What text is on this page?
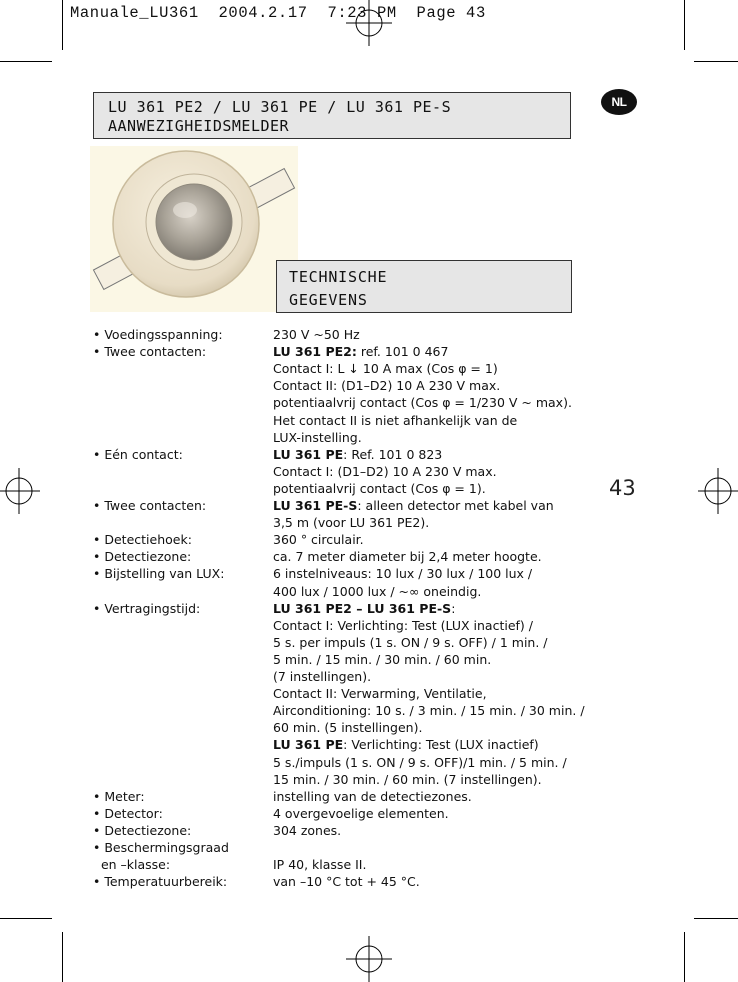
Manuale_LU361  2004.2.17  7:23 PM  Page 43
LU 361 PE2 / LU 361 PE / LU 361 PE-S
AANWEZIGHEIDSMELDER
NL
TECHNISCHE
GEGEVENS
43
• Voedingsspanning:	230 V ~50 Hz
• Twee contacten:	LU 361 PE2: ref. 101 0 467
Contact I: L ↓ 10 A max (Cos φ = 1)
Contact II: (D1–D2) 10 A 230 V max.
potentiaalvrij contact (Cos φ = 1/230 V ~ max).
Het contact II is niet afhankelijk van de
LUX-instelling.
• Eén contact:	LU 361 PE: Ref. 101 0 823
Contact I: (D1–D2) 10 A 230 V max.
potentiaalvrij contact (Cos φ = 1).
• Twee contacten:	LU 361 PE-S: alleen detector met kabel van
3,5 m (voor LU 361 PE2).
• Detectiehoek:	360 ° circulair.
• Detectiezone:	ca. 7 meter diameter bij 2,4 meter hoogte.
• Bijstelling van LUX:	6 instelniveaus: 10 lux / 30 lux / 100 lux /
400 lux / 1000 lux / ~∞ oneindig.
• Vertragingstijd:	LU 361 PE2 – LU 361 PE-S:
Contact I: Verlichting: Test (LUX inactief) /
5 s. per impuls (1 s. ON / 9 s. OFF) / 1 min. /
5 min. / 15 min. / 30 min. / 60 min.
(7 instellingen).
Contact II: Verwarming, Ventilatie,
Airconditioning: 10 s. / 3 min. / 15 min. / 30 min. /
60 min. (5 instellingen).
LU 361 PE: Verlichting: Test (LUX inactief)
5 s./impuls (1 s. ON / 9 s. OFF)/1 min. / 5 min. /
15 min. / 30 min. / 60 min. (7 instellingen).
• Meter:	instelling van de detectiezones.
• Detector:	4 overgevoelige elementen.
• Detectiezone:	304 zones.
• Beschermingsgraad
en –klasse:	IP 40, klasse II.
• Temperatuurbereik:	van –10 °C tot + 45 °C.
